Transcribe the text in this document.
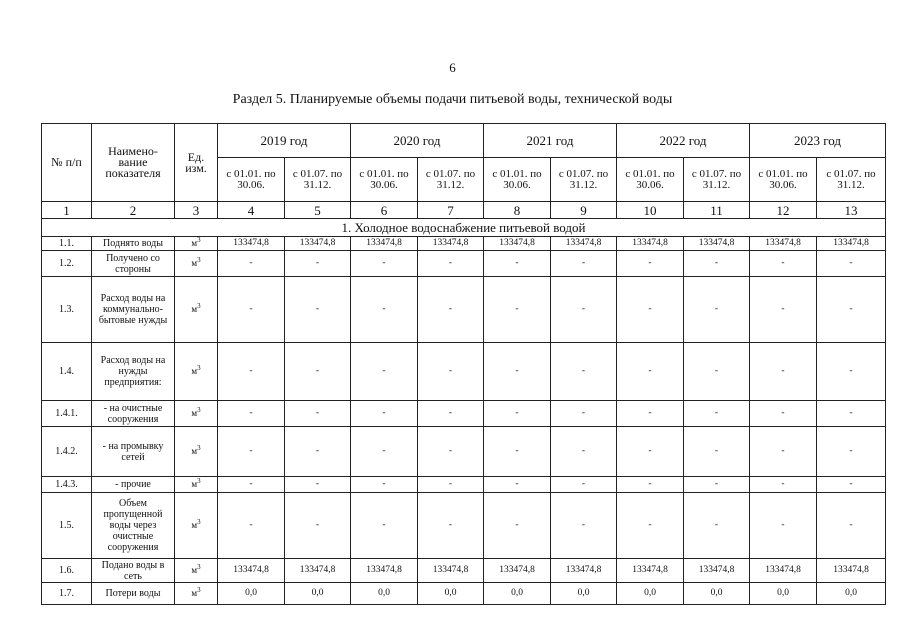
6
Раздел 5. Планируемые объемы подачи питьевой воды, технической воды
№ п/п	Наимено-вание показателя	Ед. изм.	2019 год		2020 год		2021 год		2022 год		2023 год	
			с 01.01. по 30.06.	с 01.07. по 31.12.	с 01.01. по 30.06.	с 01.07. по 31.12.	с 01.01. по 30.06.	с 01.07. по 31.12.	с 01.01. по 30.06.	с 01.07. по 31.12.	с 01.01. по 30.06.	с 01.07. по 31.12.
1	2	3	4	5	6	7	8	9	10	11	12	13
1. Холодное водоснабжение питьевой водой												
1.1.	Поднято воды	$м^3$	133474,8	133474,8	133474,8	133474,8	133474,8	133474,8	133474,8	133474,8	133474,8	133474,8
1.2.	Получено со стороны	$м^3$	-	-	-	-	-	-	-	-	-	-
1.3.	Расход воды на коммунально-бытовые нужды	$м^3$	-	-	-	-	-	-	-	-	-	-
1.4.	Расход воды на нужды предприятия:	$м^3$	-	-	-	-	-	-	-	-	-	-
1.4.1.	- на очистные сооружения	$м^3$	-	-	-	-	-	-	-	-	-	-
1.4.2.	- на промывку сетей	$м^3$	-	-	-	-	-	-	-	-	-	-
1.4.3.	- прочие	$м^3$	-	-	-	-	-	-	-	-	-	-
1.5.	Объем пропущенной воды через очистные сооружения	$м^3$	-	-	-	-	-	-	-	-	-	-
1.6.	Подано воды в сеть	$м^3$	133474,8	133474,8	133474,8	133474,8	133474,8	133474,8	133474,8	133474,8	133474,8	133474,8
1.7.	Потери воды	$м^3$	0,0	0,0	0,0	0,0	0,0	0,0	0,0	0,0	0,0	0,0
